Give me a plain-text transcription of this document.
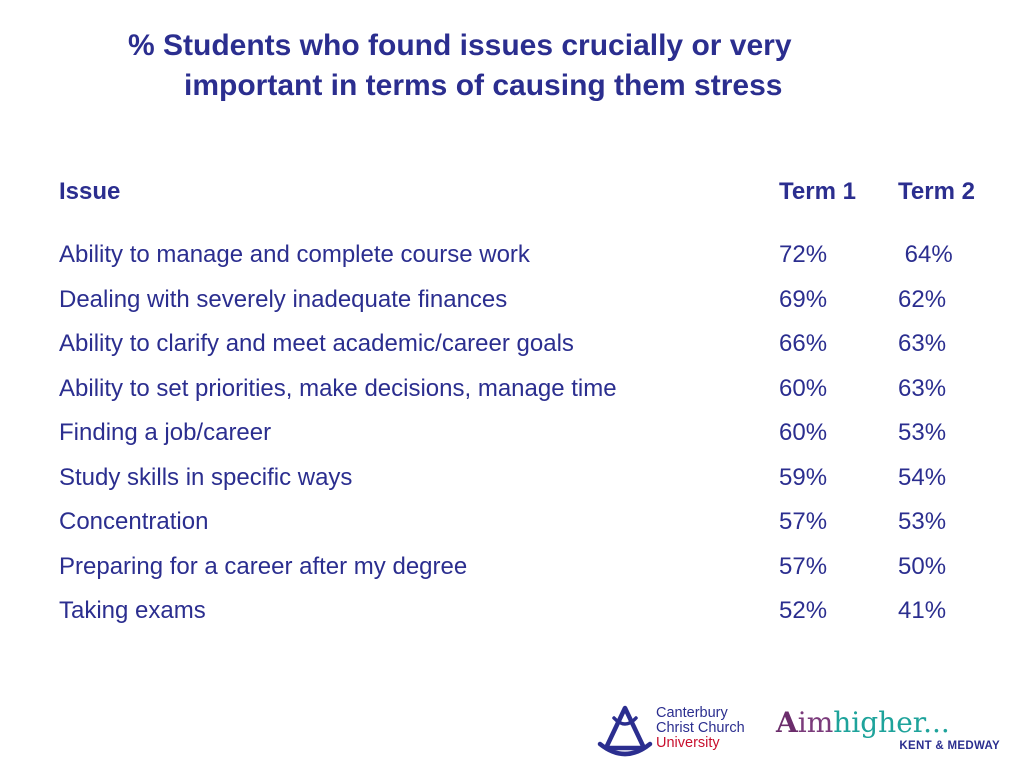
% Students who found issues crucially or very
important in terms of causing them stress
Issue	Term 1 Term 2
Ability to manage and complete course work	72%	64%
Dealing with severely inadequate finances	69%	62%
Ability to clarify and meet academic/career goals	66%	63%
Ability to set priorities, make decisions, manage time	60%	63%
Finding a job/career	60%	53%
Study skills in specific ways	59%	54%
Concentration	57%	53%
Preparing for a career after my degree	57%	50%
Taking exams	52%	41%
Canterbury
Christ Church
University
Aimhigher...
KENT & MEDWAY
